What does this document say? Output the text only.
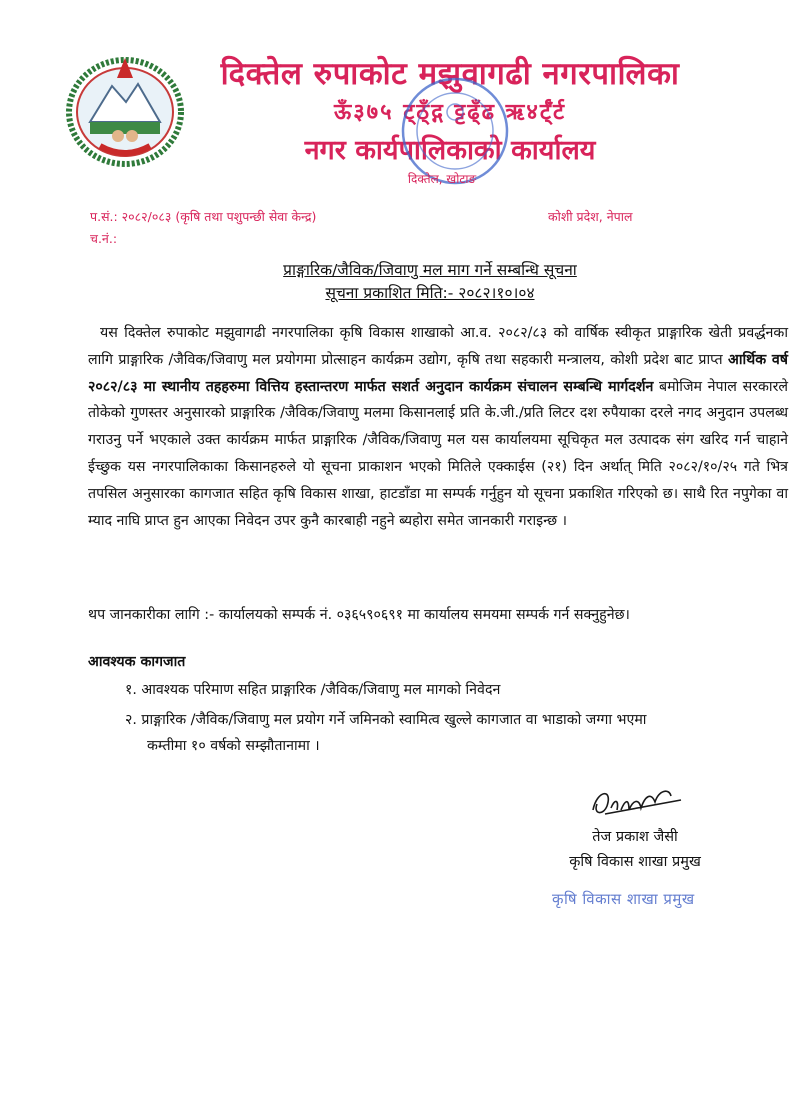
दिक्तेल रुपाकोट मझुवागढी नगरपालिका
ऊँ३७५ ट्ठ्ँद्ग ट्टढ्ँढ ऋ४र्ट्ँर्ट
नगर कार्यपालिकाको कार्यालय
दिक्तेल, खोटाङ
प.सं.: २०८२/०८३ (कृषि तथा पशुपन्छी सेवा केन्द्र)	कोशी प्रदेश, नेपाल
च.नं.:
प्राङ्गारिक/जैविक/जिवाणु मल माग गर्ने सम्बन्धि सूचना
सूचना प्रकाशित मिति:- २०८२।१०।०४
यस दिक्तेल रुपाकोट मझुवागढी नगरपालिका कृषि विकास शाखाको आ.व. २०८२/८३ को वार्षिक स्वीकृत प्राङ्गारिक खेती प्रवर्द्धनका लागि प्राङ्गारिक /जैविक/जिवाणु मल प्रयोगमा प्रोत्साहन कार्यक्रम उद्योग, कृषि तथा सहकारी मन्त्रालय, कोशी प्रदेश बाट प्राप्त आर्थिक वर्ष २०८२/८३ मा स्थानीय तहहरुमा वित्तिय हस्तान्तरण मार्फत सशर्त अनुदान कार्यक्रम संचालन सम्बन्धि मार्गदर्शन बमोजिम नेपाल सरकारले तोकेको गुणस्तर अनुसारको प्राङ्गारिक /जैविक/जिवाणु मलमा किसानलाई प्रति के.जी./प्रति लिटर दश रुपैयाका दरले नगद अनुदान उपलब्ध गराउनु पर्ने भएकाले उक्त कार्यक्रम मार्फत प्राङ्गारिक /जैविक/जिवाणु मल यस कार्यालयमा सूचिकृत मल उत्पादक संग खरिद गर्न चाहाने ईच्छुक यस नगरपालिकाका किसानहरुले यो सूचना प्राकाशन भएको मितिले एक्काईस (२१) दिन अर्थात् मिति २०८२/१०/२५ गते भित्र तपसिल अनुसारका कागजात सहित कृषि विकास शाखा, हाटडाँडा मा सम्पर्क गर्नुहुन यो सूचना प्रकाशित गरिएको छ। साथै रित नपुगेका वा म्याद नाघि प्राप्त हुन आएका निवेदन उपर कुनै कारबाही नहुने ब्यहोरा समेत जानकारी गराइन्छ ।
थप जानकारीका लागि :- कार्यालयको सम्पर्क नं. ०३६५९०६९१ मा कार्यालय समयमा सम्पर्क गर्न सक्नुहुनेछ।
आवश्यक कागजात
१. आवश्यक परिमाण सहित प्राङ्गारिक /जैविक/जिवाणु मल मागको निवेदन
२. प्राङ्गारिक /जैविक/जिवाणु मल प्रयोग गर्ने जमिनको स्वामित्व खुल्ले कागजात वा भाडाको जग्गा भएमा
कम्तीमा १० वर्षको सम्झौतानामा ।
तेज प्रकाश जैसी
कृषि विकास शाखा प्रमुख
कृषि विकास शाखा प्रमुख
